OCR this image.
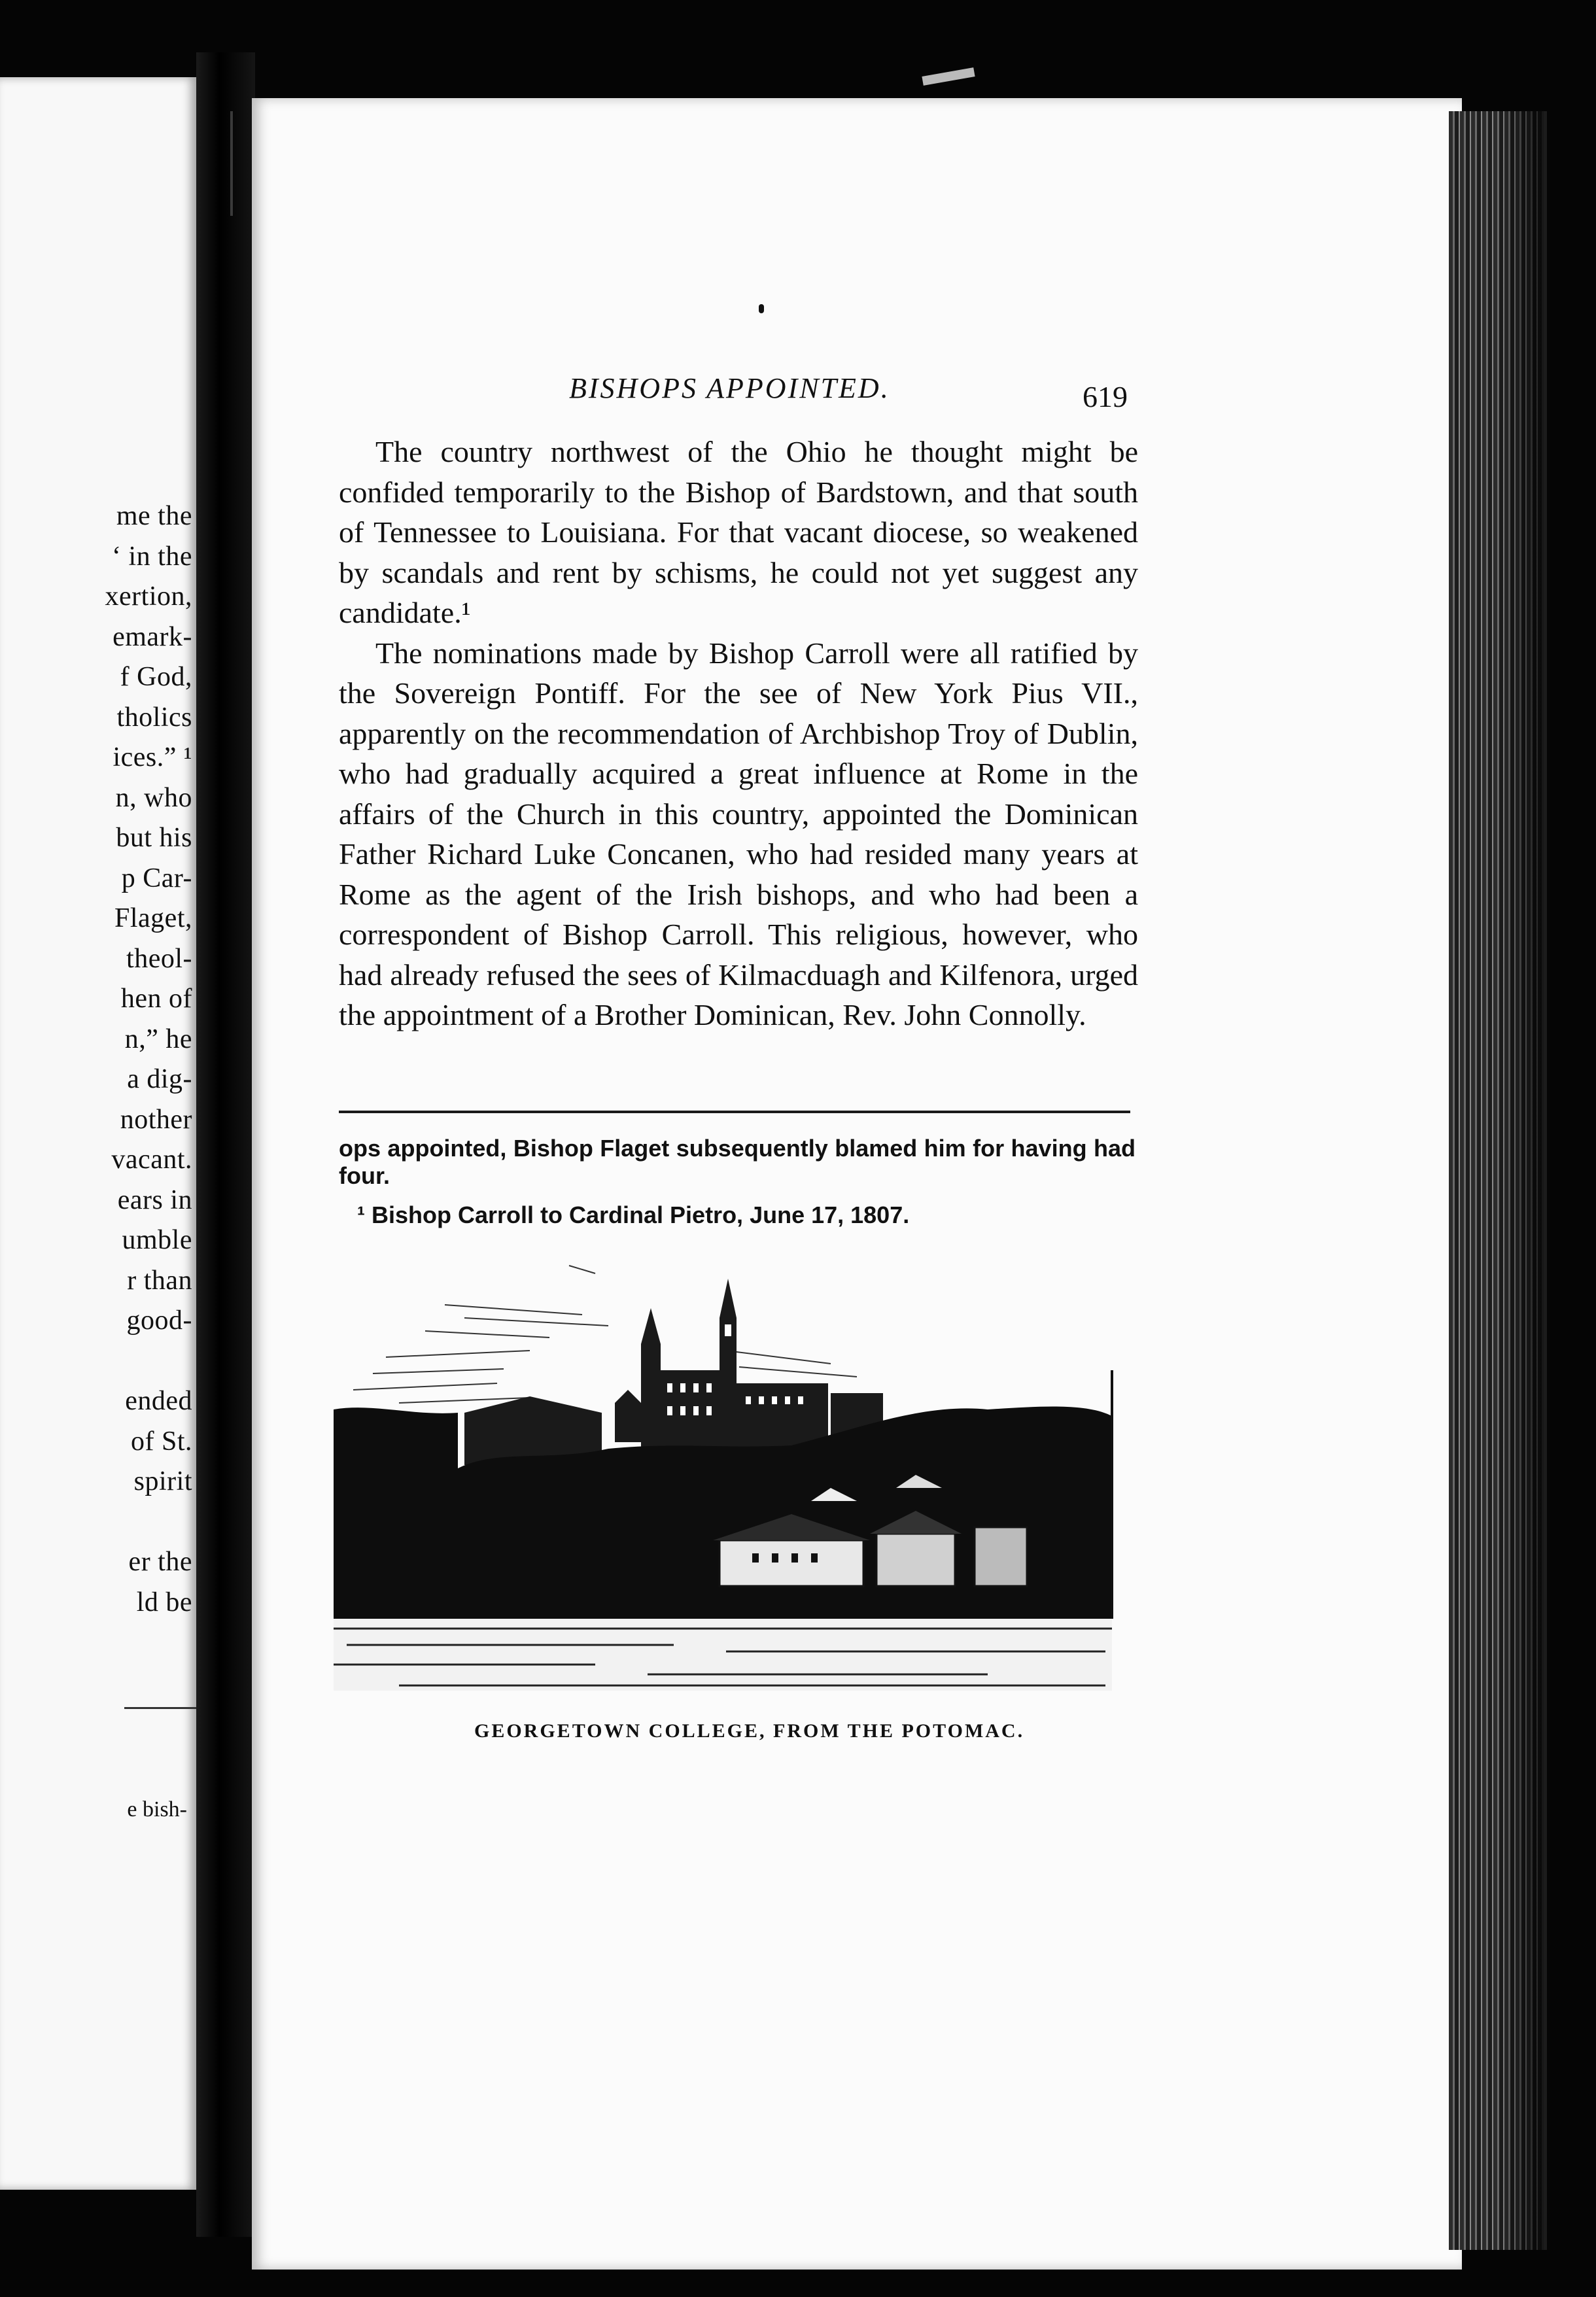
me the
‘ in the
xertion,
emark-
f God,
tholics
ices.” ¹
n, who
but his
p Car-
Flaget,
theol-
hen of
n,” he
a dig-
nother
vacant.
ears in
umble
r than
good-
ended
of St.
spirit
er the
ld be
e bish-
BISHOPS APPOINTED.	619

The country northwest of the Ohio he thought might be confided temporarily to the Bishop of Bardstown, and that south of Tennessee to Louisiana. For that vacant diocese, so weakened by scandals and rent by schisms, he could not yet suggest any candidate.¹

The nominations made by Bishop Carroll were all ratified by the Sovereign Pontiff. For the see of New York Pius VII., apparently on the recommendation of Archbishop Troy of Dublin, who had gradually acquired a great influence at Rome in the affairs of the Church in this country, appointed the Dominican Father Richard Luke Concanen, who had resided many years at Rome as the agent of the Irish bishops, and who had been a correspondent of Bishop Carroll. This religious, however, who had already refused the sees of Kilmacduagh and Kilfenora, urged the appointment of a Brother Dominican, Rev. John Connolly.

ops appointed, Bishop Flaget subsequently blamed him for having had four.

¹ Bishop Carroll to Cardinal Pietro, June 17, 1807.

GEORGETOWN COLLEGE, FROM THE POTOMAC.
